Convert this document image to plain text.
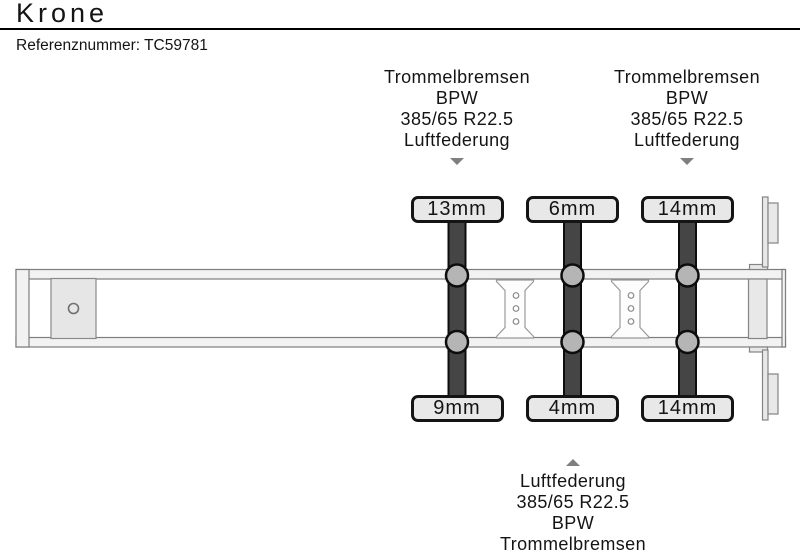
Krone
Referenznummer: TC59781
Trommelbremsen
BPW
385/65 R22.5
Luftfederung
Trommelbremsen
BPW
385/65 R22.5
Luftfederung
13mm	6mm	14mm
9mm	4mm	14mm
Luftfederung
385/65 R22.5
BPW
Trommelbremsen
